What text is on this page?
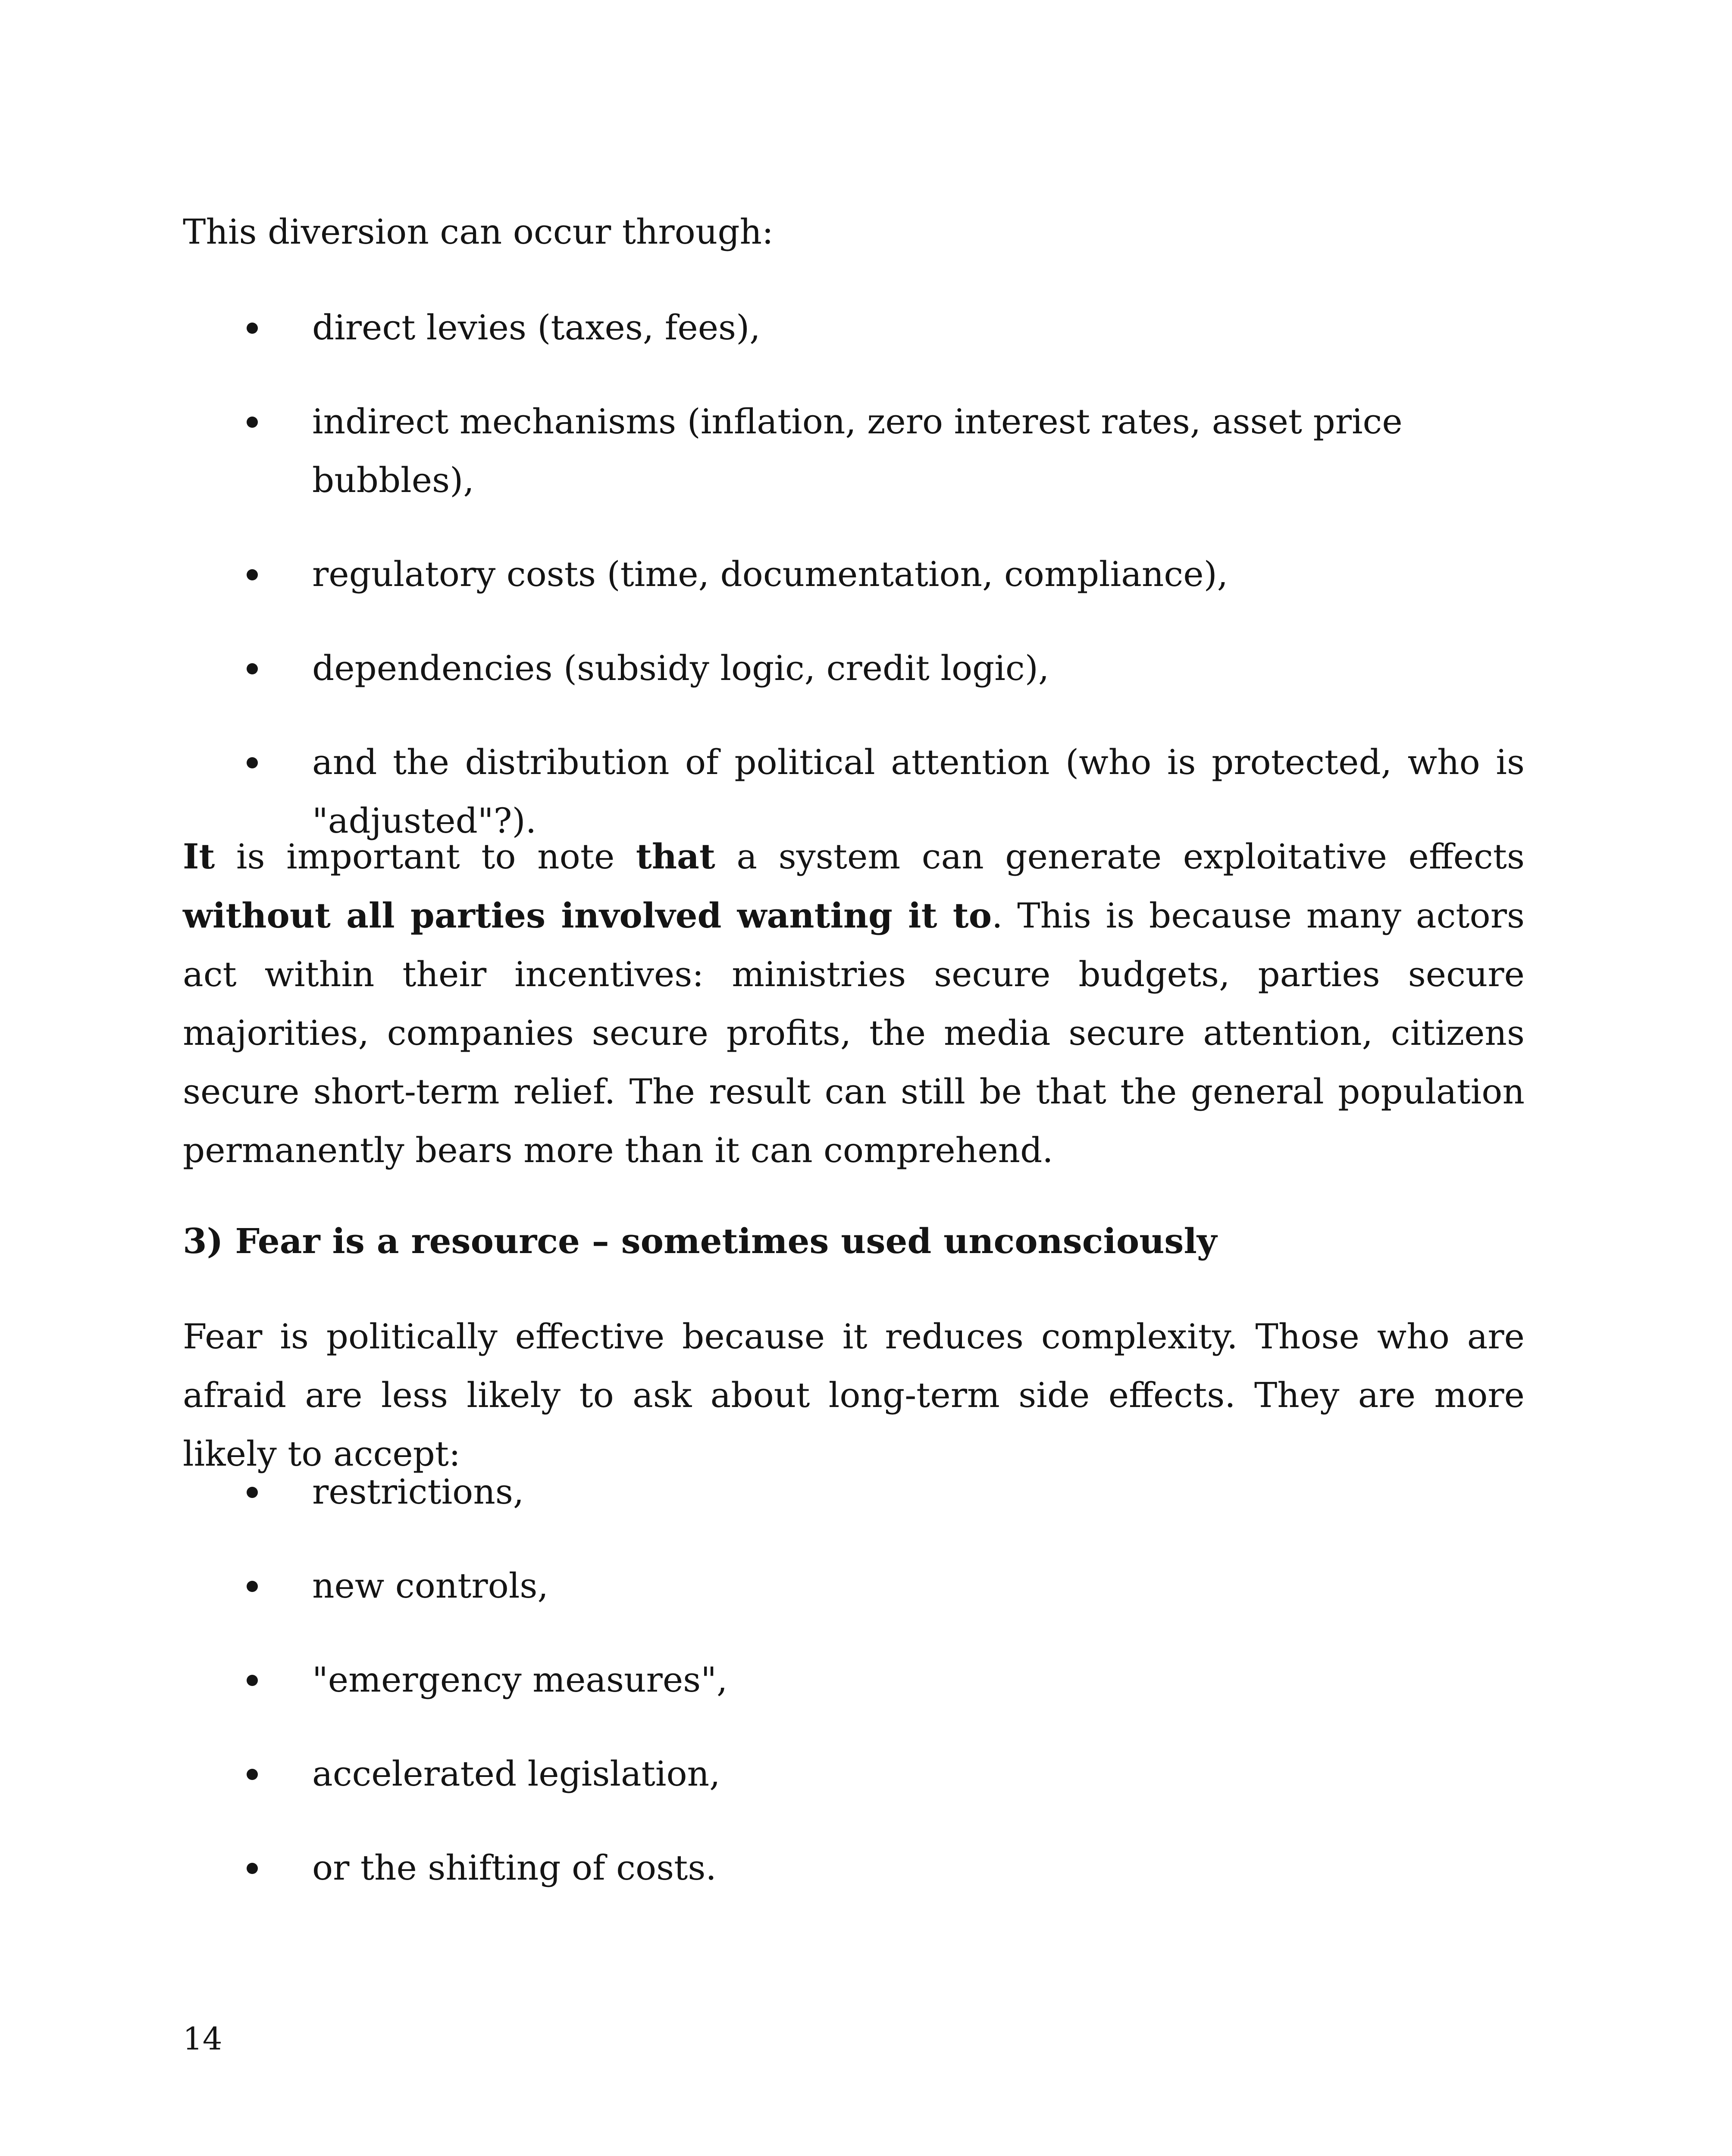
This diversion can occur through:

direct levies (taxes, fees),
indirect mechanisms (inflation, zero interest rates, asset price bubbles),
regulatory costs (time, documentation, compliance),
dependencies (subsidy logic, credit logic),
and the distribution of political attention (who is protected, who is "adjusted"?).

It is important to note that a system can generate exploitative effects without all parties involved wanting it to. This is because many actors act within their incentives: ministries secure budgets, parties secure majorities, companies secure profits, the media secure attention, citizens secure short-term relief. The result can still be that the general population permanently bears more than it can comprehend.

3) Fear is a resource – sometimes used unconsciously

Fear is politically effective because it reduces complexity. Those who are afraid are less likely to ask about long-term side effects. They are more likely to accept:

restrictions,
new controls,
"emergency measures",
accelerated legislation,
or the shifting of costs.

14
